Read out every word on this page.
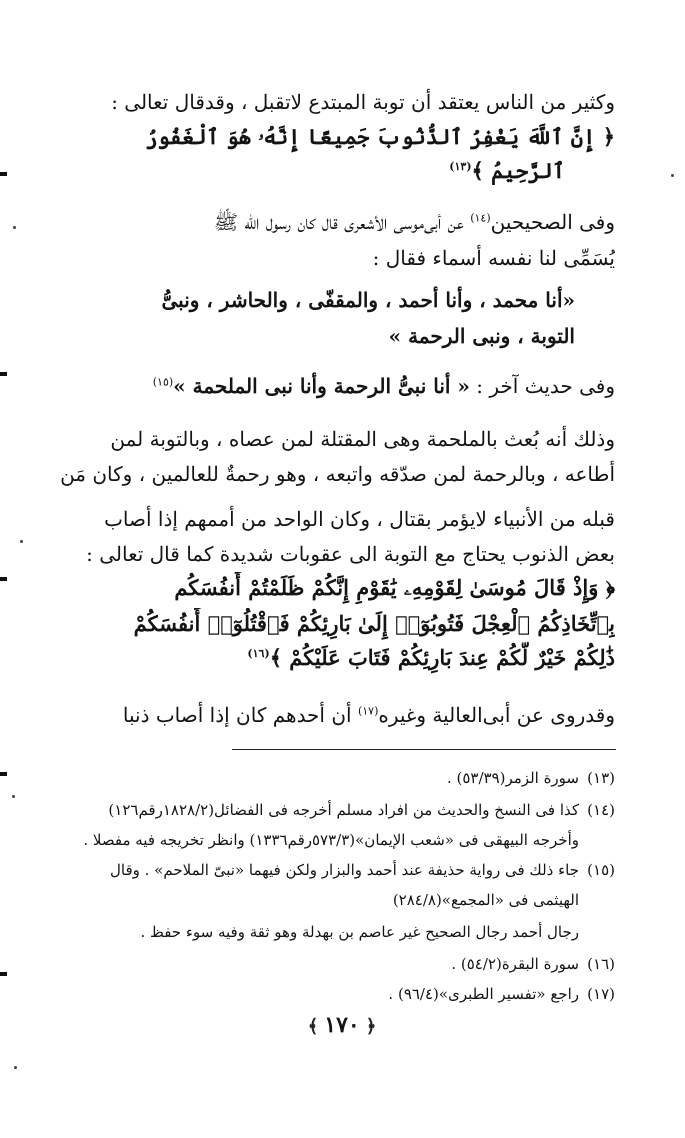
وكثير من الناس يعتقد أن توبة المبتدع لاتقبل ، وقدقال تعالى :
﴿ إِنَّ ٱللَّهَ يَغْفِرُ ٱلذُّنُوبَ جَمِيعًا إِنَّهُۥ هُوَ ٱلْغَفُورُ
ٱلرَّحِيمُ ﴾$^{(١٣)}$
وفى الصحيحين$^{(١٤)}$ عن أبى‌موسى الأشعرى قال كان رسول الله ﷺ
يُسَمِّى لنا نفسه أسماء فقال :
«أنا محمد ، وأنا أحمد ، والمقفّى ، والحاشر ، ونبىُّ
التوبة ، ونبى الرحمة »
وفى حديث آخر : « أنا نبىُّ الرحمة وأنا نبى الملحمة »$^{(١٥)}$
وذلك أنه بُعث بالملحمة وهى المقتلة لمن عصاه ، وبالتوبة لمن
أطاعه ، وبالرحمة لمن صدّقه واتبعه ، وهو رحمةٌ للعالمين ، وكان مَن
قبله من الأنبياء لايؤمر بقتال ، وكان الواحد من أممهم إذا أصاب
بعض الذنوب يحتاج مع التوبة الى عقوبات شديدة كما قال تعالى :
﴿ وَإِذْ قَالَ مُوسَىٰ لِقَوْمِهِۦ يَٰقَوْمِ إِنَّكُمْ ظَلَمْتُمْ أَنفُسَكُم
بِٱتِّخَاذِكُمُ ٱلْعِجْلَ فَتُوبُوٓا۟ إِلَىٰ بَارِئِكُمْ فَٱقْتُلُوٓا۟ أَنفُسَكُمْ
ذَٰلِكُمْ خَيْرٌ لَّكُمْ عِندَ بَارِئِكُمْ فَتَابَ عَلَيْكُمْ ﴾$^{(١٦)}$
وقدروى عن أبى‌العالية وغيره$^{(١٧)}$ أن أحدهم كان إذا أصاب ذنبا
(١٣)سورة الزمر(٥٣/٣٩) .
(١٤)كذا فى النسخ والحديث من افراد مسلم أخرجه فى الفضائل(١٨٢٨/٢رقم١٢٦)
وأخرجه البيهقى فى «شعب الإيمان»(٥٧٣/٣رقم١٣٣٦) وانظر تخريجه فيه مفصلا .
(١٥)جاء ذلك فى رواية حذيفة عند أحمد والبزار ولكن فيهما «نبىّ الملاحم» . وقال
الهيثمى فى «المجمع»(٢٨٤/٨)
رجال أحمد رجال الصحيح غير عاصم بن بهدلة وهو ثقة وفيه سوء حفظ .
(١٦)سورة البقرة(٥٤/٢) .
(١٧)راجع «تفسير الطبرى»(٩٦/٤) .
﴿١٧٠﴾
